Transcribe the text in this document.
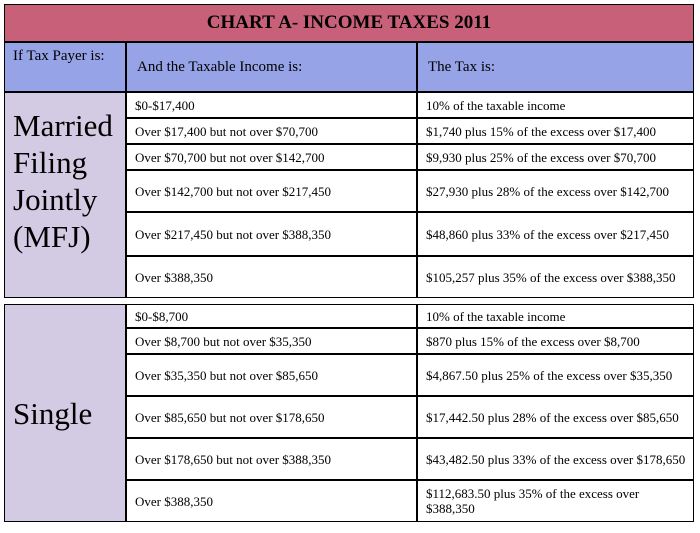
CHART A- INCOME TAXES 2011
If Tax Payer is:
And the Taxable Income is:	The Tax is:
Married Filing Jointly (MFJ)
$0-$17,400	10% of the taxable income
Over $17,400 but not over $70,700	$1,740 plus 15% of the excess over $17,400
Over $70,700 but not over $142,700	$9,930 plus 25% of the excess over $70,700
Over $142,700 but not over $217,450	$27,930 plus 28% of the excess over $142,700
Over $217,450 but not over $388,350	$48,860 plus 33% of the excess over $217,450
Over $388,350	$105,257 plus 35% of the excess over $388,350
Single
$0-$8,700	10% of the taxable income
Over $8,700 but not over $35,350	$870 plus 15% of the excess over $8,700
Over $35,350 but not over $85,650	$4,867.50 plus 25% of the excess over $35,350
Over $85,650 but not over $178,650	$17,442.50 plus 28% of the excess over $85,650
Over $178,650 but not over $388,350	$43,482.50 plus 33% of the excess over $178,650
Over $388,350	$112,683.50 plus 35% of the excess over $388,350
